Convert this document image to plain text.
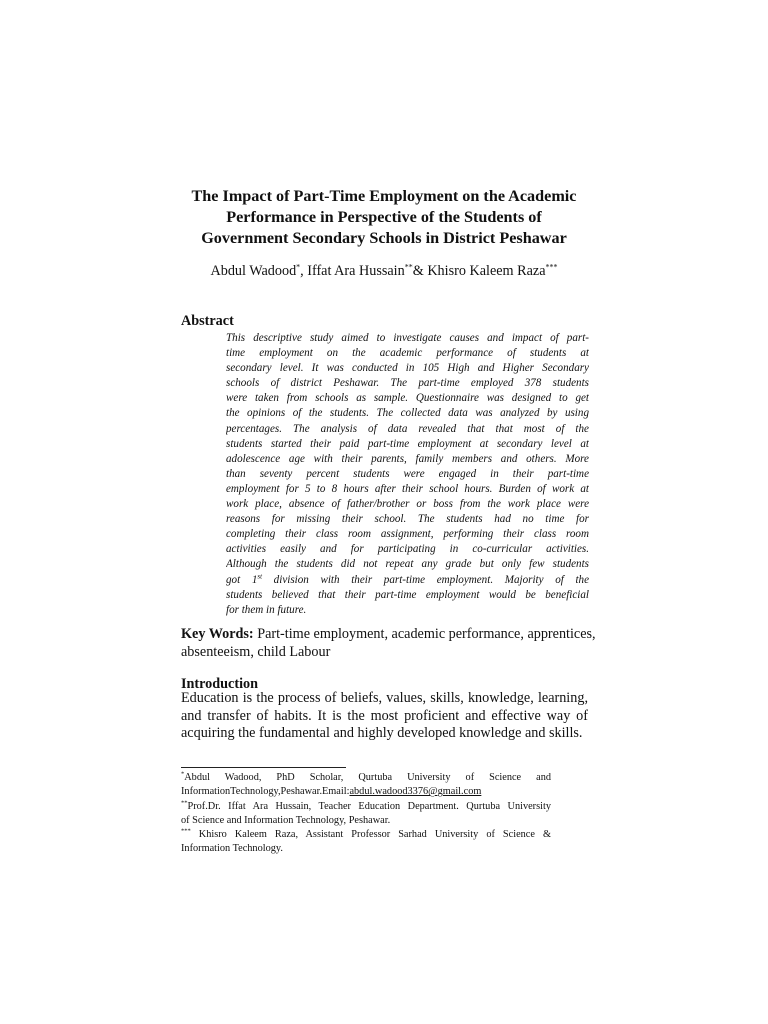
The Impact of Part-Time Employment on the Academic
Performance in Perspective of the Students of
Government Secondary Schools in District Peshawar
Abdul Wadood*, Iffat Ara Hussain**& Khisro Kaleem Raza***
Abstract
This descriptive study aimed to investigate causes and impact of part-
time employment on the academic performance of students at
secondary level. It was conducted in 105 High and Higher Secondary
schools of district Peshawar. The part-time employed 378 students
were taken from schools as sample. Questionnaire was designed to get
the opinions of the students. The collected data was analyzed by using
percentages. The analysis of data revealed that that most of the
students started their paid part-time employment at secondary level at
adolescence age with their parents, family members and others. More
than seventy percent students were engaged in their part-time
employment for 5 to 8 hours after their school hours. Burden of work at
work place, absence of father/brother or boss from the work place were
reasons for missing their school. The students had no time for
completing their class room assignment, performing their class room
activities easily and for participating in co-curricular activities.
Although the students did not repeat any grade but only few students
got 1st division with their part-time employment. Majority of the
students believed that their part-time employment would be beneficial
for them in future.
Key Words: Part-time employment, academic performance, apprentices,
absenteeism, child Labour
Introduction
Education is the process of beliefs, values, skills, knowledge, learning,
and transfer of habits. It is the most proficient and effective way of
acquiring the fundamental and highly developed knowledge and skills.
*Abdul Wadood, PhD Scholar, Qurtuba University of Science and
InformationTechnology,Peshawar.Email:abdul.wadood3376@gmail.com
**Prof.Dr. Iffat Ara Hussain, Teacher Education Department. Qurtuba University
of Science and Information Technology, Peshawar.
*** Khisro Kaleem Raza, Assistant Professor Sarhad University of Science &
Information Technology.
